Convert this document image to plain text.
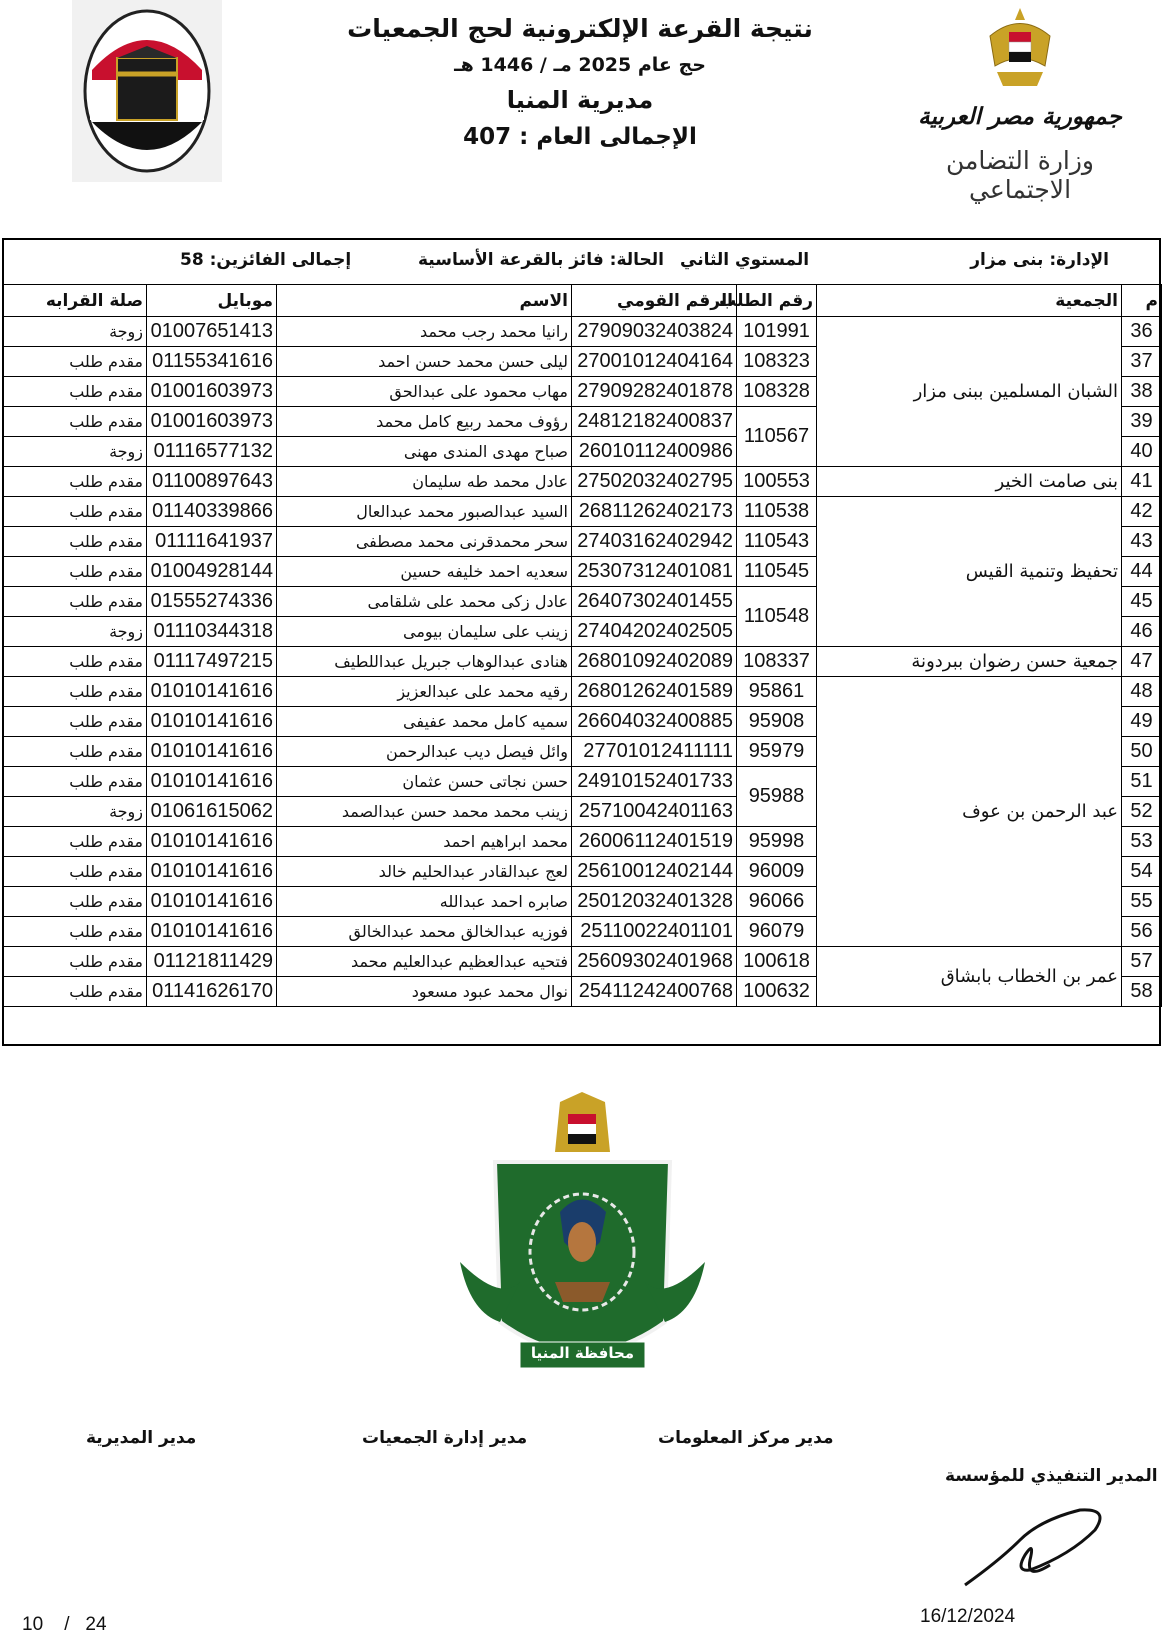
نتيجة القرعة الإلكترونية لحج الجمعيات
حج عام 2025 مـ / 1446 هـ
مديرية المنيا
الإجمالى العام : 407
جمهورية مصر العربية
وزارة التضامن الاجتماعي
الإدارة: بنى مزار
المستوي الثاني
الحالة: فائز بالقرعة الأساسية
إجمالى الفائزين: 58
م	الجمعية	رقم الطلب	الرقم القومي	الاسم	موبايل	صلة القرابه
36	الشبان المسلمين ببنى مزار	101991	27909032403824	رانيا محمد رجب محمد	01007651413	زوجة
37		108323	27001012404164	ليلى حسن محمد حسن احمد	01155341616	مقدم طلب
38		108328	27909282401878	مهاب محمود على عبدالحق	01001603973	مقدم طلب
39		110567	24812182400837	رؤوف محمد ربيع كامل محمد	01001603973	مقدم طلب
40			26010112400986	صباح مهدى المندى مهنى	01116577132	زوجة
41	بنى صامت الخير	100553	27502032402795	عادل محمد طه سليمان	01100897643	مقدم طلب
42	تحفيظ وتنمية القيس	110538	26811262402173	السيد عبدالصبور محمد عبدالعال	01140339866	مقدم طلب
43		110543	27403162402942	سحر محمدقرنى محمد مصطفى	01111641937	مقدم طلب
44		110545	25307312401081	سعديه احمد خليفه حسين	01004928144	مقدم طلب
45		110548	26407302401455	عادل زكى محمد على شلقامى	01555274336	مقدم طلب
46			27404202402505	زينب على سليمان بيومى	01110344318	زوجة
47	جمعية حسن رضوان ببردونة	108337	26801092402089	هنادى عبدالوهاب جبريل عبداللطيف	01117497215	مقدم طلب
48	عبد الرحمن بن عوف	95861	26801262401589	رقيه محمد على عبدالعزيز	01010141616	مقدم طلب
49		95908	26604032400885	سميه كامل محمد عفيفى	01010141616	مقدم طلب
50		95979	27701012411111	وائل فيصل ديب عبدالرحمن	01010141616	مقدم طلب
51		95988	24910152401733	حسن نجاتى حسن عثمان	01010141616	مقدم طلب
52			25710042401163	زينب محمد محمد حسن عبدالصمد	01061615062	زوجة
53		95998	26006112401519	محمد ابراهيم احمد	01010141616	مقدم طلب
54		96009	25610012402144	لعج عبدالقادر عبدالحليم خالد	01010141616	مقدم طلب
55		96066	25012032401328	صابره احمد عبدالله	01010141616	مقدم طلب
56		96079	25110022401101	فوزيه عبدالخالق محمد عبدالخالق	01010141616	مقدم طلب
57	عمر بن الخطاب بابشاق	100618	25609302401968	فتحيه عبدالعظيم عبدالعليم محمد	01121811429	مقدم طلب
58		100632	25411242400768	نوال محمد عبود مسعود	01141626170	مقدم طلب
محافظة المنيا
مدير المديرية	مدير إدارة الجمعيات	مدير مركز المعلومات
المدير التنفيذي للمؤسسة
16/12/2024
10 / 24
